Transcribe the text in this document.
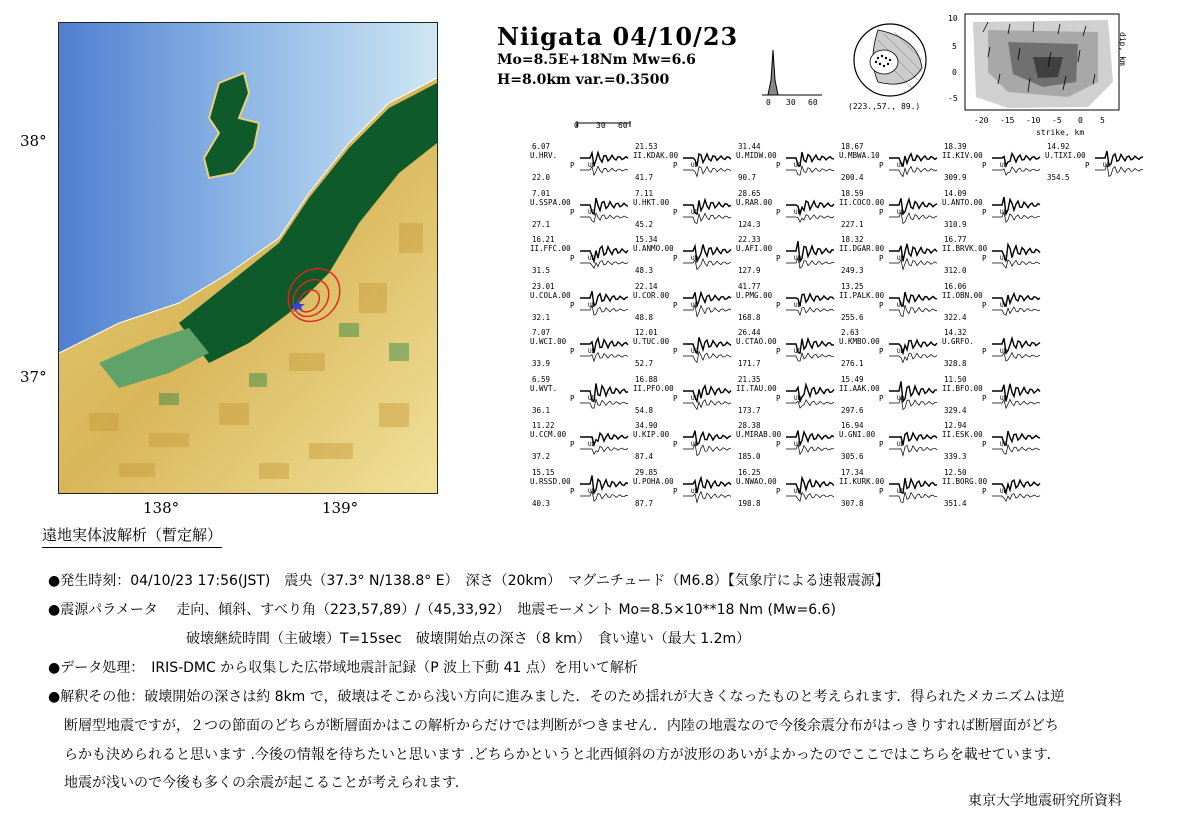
38°
37°
138°	139°
Niigata 04/10/23
Mo=8.5E+18Nm Mw=6.6
H=8.0km var.=0.3500
0 30 60	(223.,57., 89.)
10
5
0
-5
dip, km
-20 -15 -10 -5 0 5
strike, km
0 30 60
6.07
U.HRV.
P UD
22.0
7.01
U.SSPA.00
P UD
27.1
16.21
II.FFC.00
P UD
31.5
23.01
U.COLA.00
P UD
32.1
7.07
U.WCI.00
P UD
33.9
6.59
U.WVT.
P UD
36.1
11.22
U.CCM.00
P UD
37.2
15.15
U.RSSD.00
P UD
40.3
21.53
II.KDAK.00
P UD
41.7
7.11
U.HKT.00
P UD
45.2
15.34
U.ANMO.00
P UD
48.3
22.14
U.COR.00
P UD
48.8
12.01
U.TUC.00
P UD
52.7
16.88
II.PFO.00
P UD
54.8
34.90
U.KIP.00
P UD
87.4
29.85
U.POHA.00
P UD
87.7
31.44
U.MIDW.00
P UD
90.7
28.65
U.RAR.00
P UD
124.3
22.33
U.AFI.00
P UD
127.9
41.77
U.PMG.00
P UD
168.8
26.44
U.CTAO.00
P UD
171.7
21.35
II.TAU.00
P UD
173.7
28.38
U.MIRAB.00
P UD
185.0
16.25
U.NWAO.00
P UD
198.8
18.67
U.MBWA.10
P UD
200.4
18.59
II.COCO.00
P UD
227.1
18.32
II.DGAR.00
P UD
249.3
13.25
II.PALK.00
P UD
255.6
2.63
U.KMBO.00
P UD
276.1
15.49
II.AAK.00
P UD
297.6
16.94
U.GNI.00
P UD
305.6
17.34
II.KURK.00
P UD
307.8
18.39
II.KIV.00
P UD
309.9
14.09
U.ANTO.00
P UD
310.9
16.77
II.BRVK.00
P UD
312.0
16.06
II.OBN.00
P UD
322.4
14.32
U.GRFO.
P UD
328.8
11.50
II.BFO.00
P UD
329.4
12.94
II.ESK.00
P UD
339.3
12.50
II.BORG.00
P UD
351.4
14.92
U.TIXI.00
P UD
354.5
遠地実体波解析（暫定解）
●発生時刻：04/10/23 17:56(JST)　震央（37.3° N/138.8° E）　深さ（20km）　マグニチュード（M6.8）【気象庁による速報震源】
●震源パラメータ　 走向、傾斜、すべり角（223,57,89）/（45,33,92）　地震モーメント Mo=8.5×10**18 Nm (Mw=6.6)
破壊継続時間（主破壊）T=15sec　破壊開始点の深さ（8 km）　食い違い（最大 1.2m）
●データ処理：　IRIS-DMC から収集した広帯域地震計記録（P 波上下動 41 点）を用いて解析
●解釈その他：破壊開始の深さは約 8km で，破壊はそこから浅い方向に進みました．そのため揺れが大きくなったものと考えられます．得られたメカニズムは逆
断層型地震ですが，２つの節面のどちらが断層面かはこの解析からだけでは判断がつきません．内陸の地震なので今後余震分布がはっきりすれば断層面がどち
らかも決められると思います .今後の情報を待ちたいと思います .どちらかというと北西傾斜の方が波形のあいがよかったのでここではこちらを載せています．
地震が浅いので今後も多くの余震が起こることが考えられます．
東京大学地震研究所資料
